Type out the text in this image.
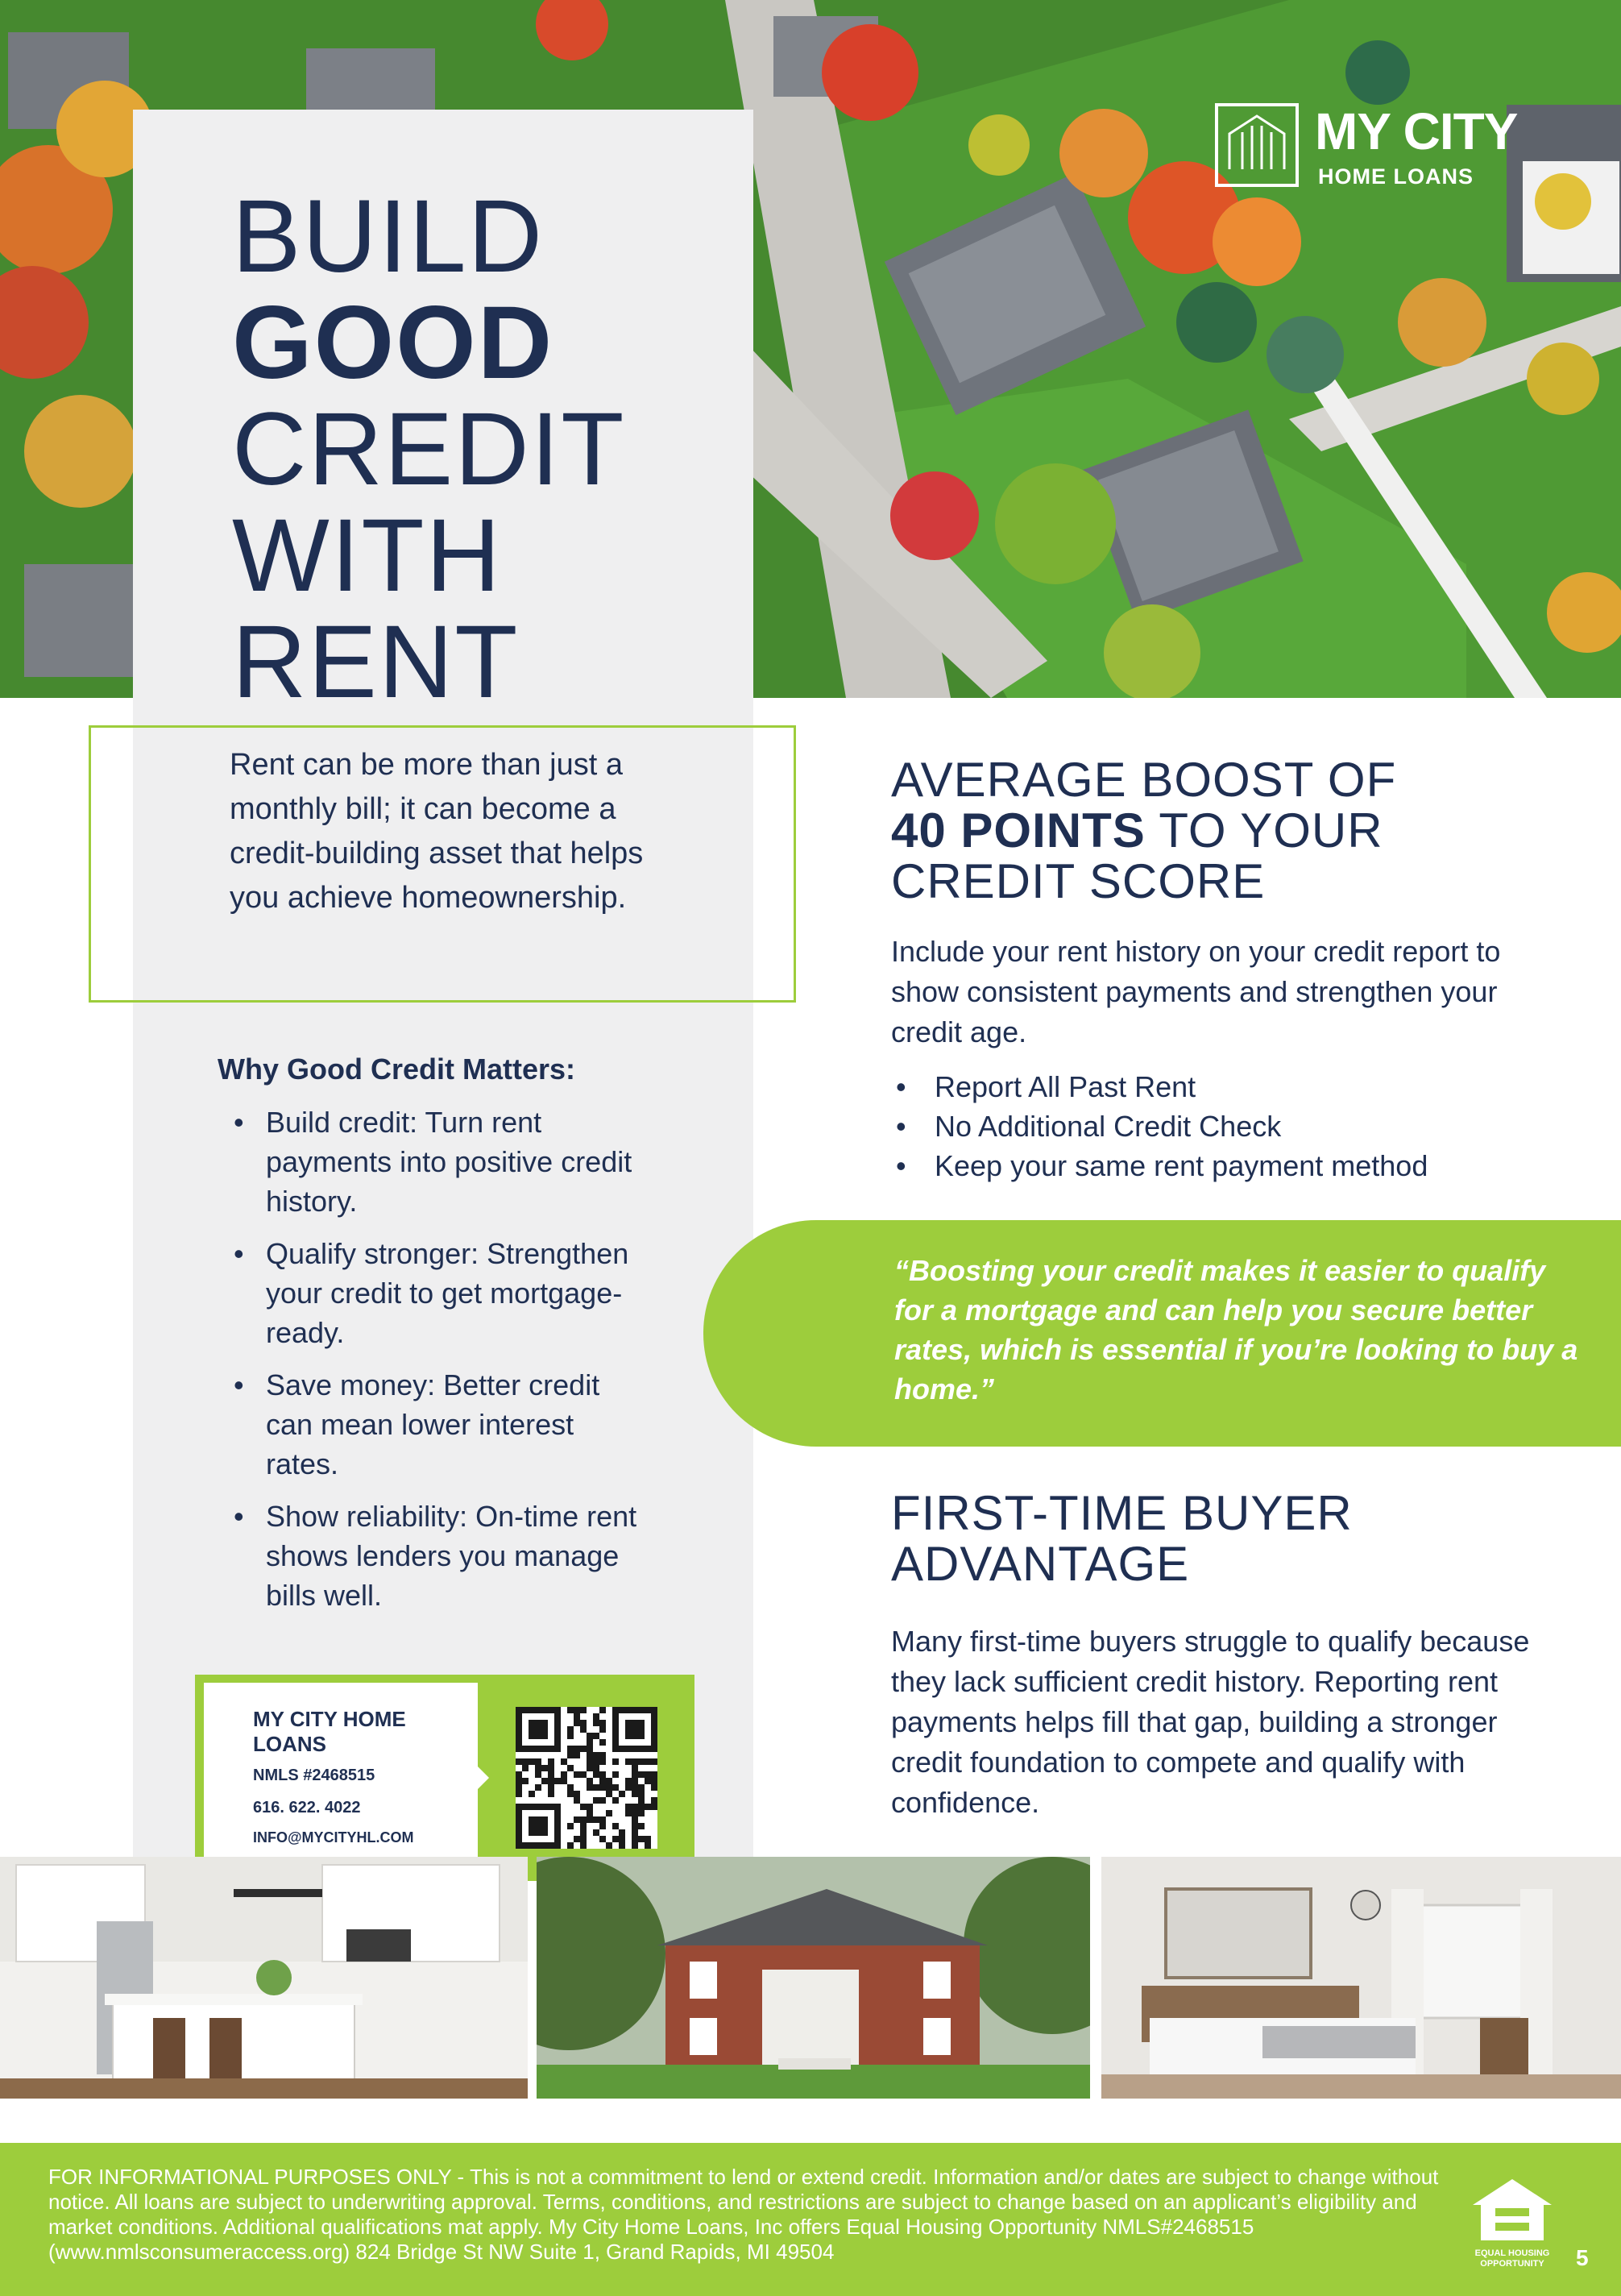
MY CITY
HOME LOANS
BUILD
GOOD
CREDIT
WITH
RENT
Rent can be more than just a monthly bill; it can become a credit-building asset that helps you achieve homeownership.
Why Good Credit Matters:
• Build credit: Turn rent payments into positive credit history.
• Qualify stronger: Strengthen your credit to get mortgage-ready.
• Save money: Better credit can mean lower interest rates.
• Show reliability: On-time rent shows lenders you manage bills well.
MY CITY HOME LOANS
NMLS #2468515
616. 622. 4022
INFO@MYCITYHL.COM
AVERAGE BOOST OF
40 POINTS TO YOUR
CREDIT SCORE
Include your rent history on your credit report to show consistent payments and strengthen your credit age.
• Report All Past Rent
• No Additional Credit Check
• Keep your same rent payment method
“Boosting your credit makes it easier to qualify for a mortgage and can help you secure better rates, which is essential if you’re looking to buy a home.”
FIRST-TIME BUYER
ADVANTAGE
Many first-time buyers struggle to qualify because they lack sufficient credit history. Reporting rent payments helps fill that gap, building a stronger credit foundation to compete and qualify with confidence.
FOR INFORMATIONAL PURPOSES ONLY - This is not a commitment to lend or extend credit. Information and/or dates are subject to change without notice. All loans are subject to underwriting approval. Terms, conditions, and restrictions are subject to change based on an applicant’s eligibility and market conditions. Additional qualifications mat apply. My City Home Loans, Inc offers Equal Housing Opportunity NMLS#2468515 (www.nmlsconsumeraccess.org) 824 Bridge St NW Suite 1, Grand Rapids, MI 49504	EQUAL HOUSING OPPORTUNITY	5
